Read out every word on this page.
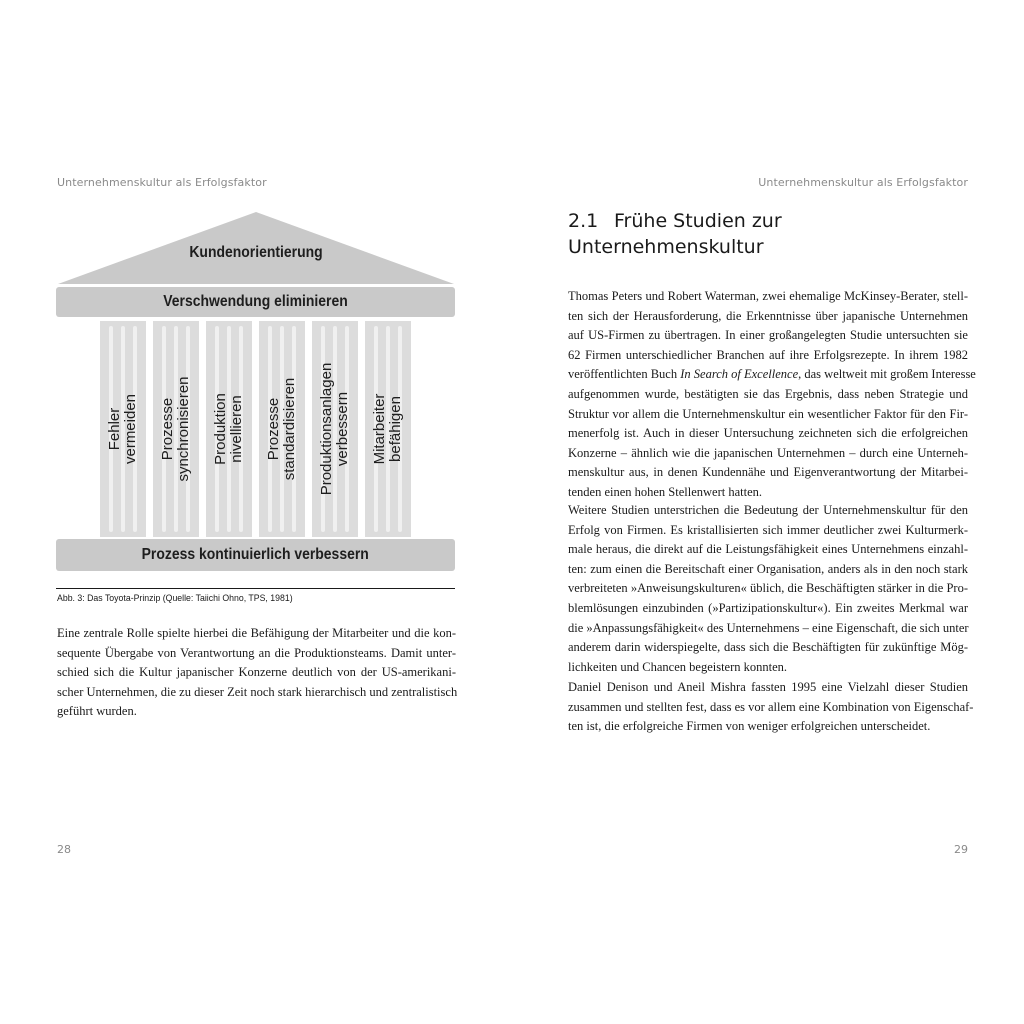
Unternehmenskultur als Erfolgsfaktor	Unternehmenskultur als Erfolgsfaktor
Kundenorientierung
Verschwendung eliminieren
Fehler vermeiden Prozesse synchronisieren Produktion nivellieren Prozesse standardisieren Produktionsanlagen verbessern Mitarbeiter befähigen
Prozess kontinuierlich verbessern
Abb. 3: Das Toyota-Prinzip (Quelle: Taiichi Ohno, TPS, 1981)

Eine zentrale Rolle spielte hierbei die Befähigung der Mitarbeiter und die kon-
sequente Übergabe von Verantwortung an die Produktionsteams. Damit unter-
schied sich die Kultur japanischer Konzerne deutlich von der US-amerikani-
scher Unternehmen, die zu dieser Zeit noch stark hierarchisch und zentralistisch
geführt wurden.

2.1 Frühe Studien zur
Unternehmenskultur

Thomas Peters und Robert Waterman, zwei ehemalige McKinsey-Berater, stell-
ten sich der Herausforderung, die Erkenntnisse über japanische Unternehmen
auf US-Firmen zu übertragen. In einer großangelegten Studie untersuchten sie
62 Firmen unterschiedlicher Branchen auf ihre Erfolgsrezepte. In ihrem 1982
veröffentlichten Buch In Search of Excellence, das weltweit mit großem Interesse
aufgenommen wurde, bestätigten sie das Ergebnis, dass neben Strategie und
Struktur vor allem die Unternehmenskultur ein wesentlicher Faktor für den Fir-
menerfolg ist. Auch in dieser Untersuchung zeichneten sich die erfolgreichen
Konzerne – ähnlich wie die japanischen Unternehmen – durch eine Unterneh-
menskultur aus, in denen Kundennähe und Eigenverantwortung der Mitarbei-
tenden einen hohen Stellenwert hatten.

Weitere Studien unterstrichen die Bedeutung der Unternehmenskultur für den
Erfolg von Firmen. Es kristallisierten sich immer deutlicher zwei Kulturmerk-
male heraus, die direkt auf die Leistungsfähigkeit eines Unternehmens einzahl-
ten: zum einen die Bereitschaft einer Organisation, anders als in den noch stark
verbreiteten »Anweisungskulturen« üblich, die Beschäftigten stärker in die Pro-
blemlösungen einzubinden (»Partizipationskultur«). Ein zweites Merkmal war
die »Anpassungsfähigkeit« des Unternehmens – eine Eigenschaft, die sich unter
anderem darin widerspiegelte, dass sich die Beschäftigten für zukünftige Mög-
lichkeiten und Chancen begeistern konnten.

Daniel Denison und Aneil Mishra fassten 1995 eine Vielzahl dieser Studien
zusammen und stellten fest, dass es vor allem eine Kombination von Eigenschaf-
ten ist, die erfolgreiche Firmen von weniger erfolgreichen unterscheidet.

28	29
